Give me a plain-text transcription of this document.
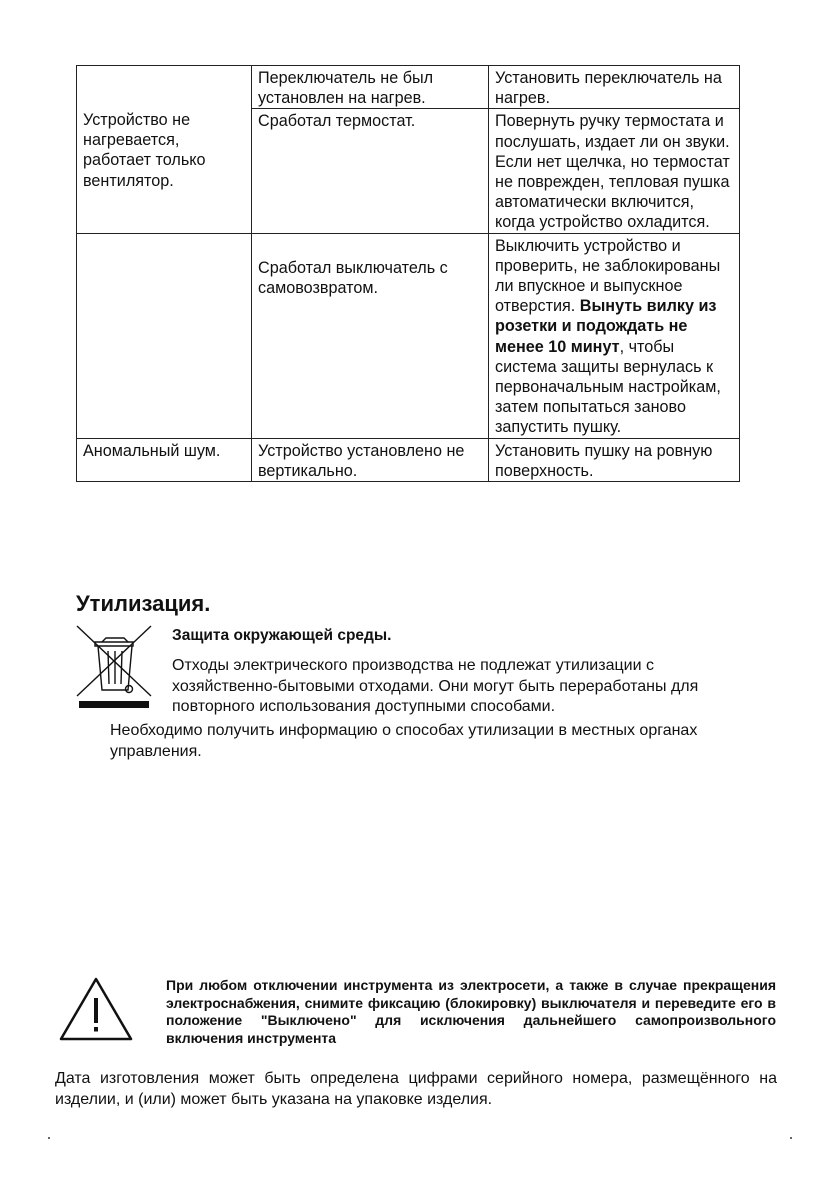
Устройство не нагревается, работает только вентилятор.	Переключатель не был установлен на нагрев.	Установить переключатель на нагрев.
	Сработал термостат.	Повернуть ручку термостата и послушать, издает ли он звуки. Если нет щелчка, но термостат не поврежден, тепловая пушка автоматически включится, когда устройство охладится.
	Сработал выключатель с самовозвратом.	Выключить устройство и проверить, не заблокированы ли впускное и выпускное отверстия. Вынуть вилку из розетки и подождать не менее 10 минут, чтобы система защиты вернулась к первоначальным настройкам, затем попытаться заново запустить пушку.
Аномальный шум.	Устройство установлено не вертикально.	Установить пушку на ровную поверхность.
Утилизация.

Защита окружающей среды.

Отходы электрического производства не подлежат утилизации с хозяйственно-бытовыми отходами. Они могут быть переработаны для повторного использования доступными способами.

Необходимо получить информацию о способах утилизации в местных органах управления.

При любом отключении инструмента из электросети, а также в случае прекращения электроснабжения, снимите фиксацию (блокировку) выключателя и переведите его в положение "Выключено" для исключения дальнейшего самопроизвольного включения инструмента

Дата изготовления может быть определена цифрами серийного номера, размещённого на изделии, и (или) может быть указана на упаковке изделия.
